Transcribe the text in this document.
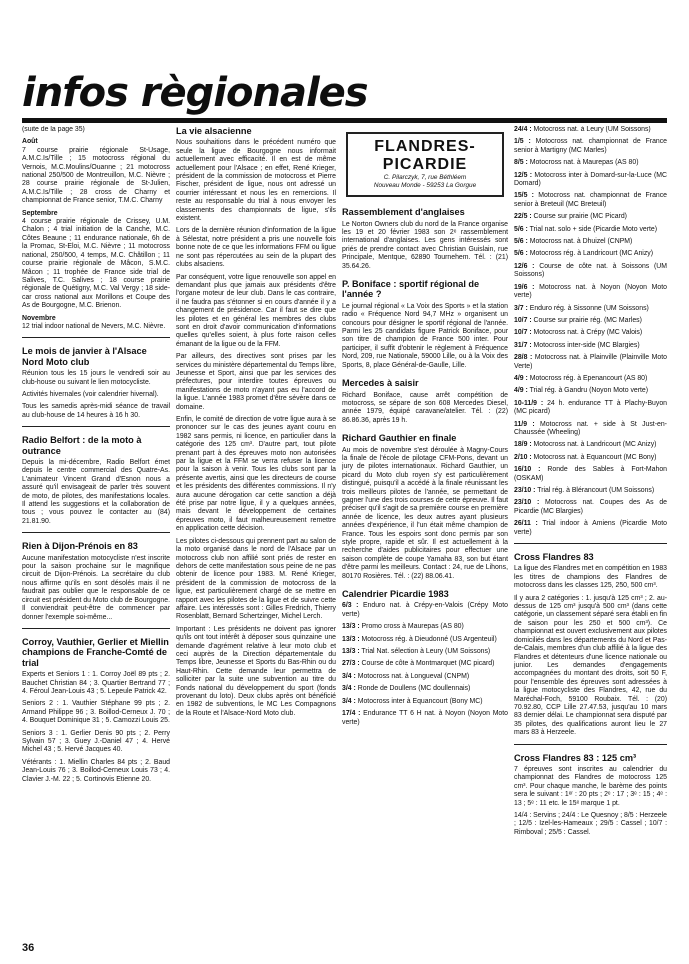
infos règionales

(suite de la page 35)

Août

7 course prairie régionale St-Usage, A.M.C.Is/Tille ; 15 motocross régional du Vernois, M.C.Moulins/Ouanne ; 21 motocross national 250/500 de Montreuillon, M.C. Nièvre ; 28 course prairie régionale de St-Julien, A.M.C.Is/Tille ; 28 cross de Charny et championnat de France senior, T.M.C. Charny

Septembre

4 course prairie régionale de Crissey, U.M. Chalon ; 4 trial initiation de la Canche, M.C. Côtes Beaune ; 11 endurance nationale, 6h de la Promac, St-Eloi, M.C. Nièvre ; 11 motocross national, 250/500, 4 temps, M.C. Châtillon ; 11 course prairie régionale de Mâcon, S.M.C. Mâcon ; 11 trophée de France side trial de Salives, T.C. Salives ; 18 course prairie régionale de Quétigny, M.C. Val Vergy ; 18 side-car cross national aux Morillons et Coupe des As de Bourgogne, M.C. Brienon.

Novembre

12 trial indoor national de Nevers, M.C. Nièvre.

Le mois de janvier à l'Alsace Nord Moto club

Réunion tous les 15 jours le vendredi soir au club-house ou suivant le lien motocycliste.

Activités hivernales (voir calendrier hivernal).

Tous les samedis après-midi séance de travail au club-house de 14 heures à 16 h 30.

Radio Belfort : de la moto à outrance

Depuis la mi-décembre, Radio Belfort émet depuis le centre commercial des Quatre-As. L'animateur Vincent Grand d'Esnon nous a assuré qu'il envisageait de parler très souvent de moto, de pilotes, des manifestations locales. Il attend les suggestions et la collaboration de tous ; vous pouvez le contacter au (84) 21.81.90.

Rien à Dijon-Prénois en 83

Aucune manifestation motocycliste n'est inscrite pour la saison prochaine sur le magnifique circuit de Dijon-Prénois. La secrétaire du club nous affirme qu'ils en sont désolés mais il ne faudrait pas oublier que le responsable de ce circuit est président du Moto club de Bourgogne. Il conviendrait peut-être de commencer par donner l'exemple soi-même...

Corroy, Vauthier, Gerlier et Miellin champions de Franche-Comté de trial

Experts et Seniors 1 : 1. Corroy Joël 89 pts ; 2. Bauchet Christian 84 ; 3. Quartier Bertrand 77 ; 4. Féroul Jean-Louis 43 ; 5. Lepeule Patrick 42.

Seniors 2 : 1. Vauthier Stéphane 99 pts ; 2. Armand Philippe 96 ; 3. Boillod-Cerneux J. 70 ; 4. Bouquet Dominique 31 ; 5. Camozzi Louis 25.

Seniors 3 : 1. Gerlier Denis 90 pts ; 2. Perry Sylvain 57 ; 3. Guey J.-Daniel 47 ; 4. Hervé Michel 43 ; 5. Hervé Jacques 40.

Vétérants : 1. Miellin Charles 84 pts ; 2. Baud Jean-Louis 76 ; 3. Boillod-Cerneux Louis 73 ; 4. Clavier J.-M. 22 ; 5. Cortinovis Etienne 20.

La vie alsacienne

Nous souhaitions dans le précédent numéro que seule la ligue de Bourgogne nous informait actuellement avec efficacité. Il en est de même actuellement pour l'Alsace ; en effet, René Krieger, président de la commission de motocross et Pierre Fischer, président de ligue, nous ont adressé un courrier intéressant et nous les en remercions. Il reste au responsable du trial à nous envoyer les classements des championnats de ligue, s'ils existent.

Lors de la dernière réunion d'information de la ligue à Sélestat, notre président a pris une nouvelle fois bonne note de ce que les informations FFM ou ligue ne sont pas répercutées au sein de la plupart des clubs alsaciens.

Par conséquent, votre ligue renouvelle son appel en demandant plus que jamais aux présidents d'être l'organe moteur de leur club. Dans le cas contraire, il ne faudra pas s'étonner si en cours d'année il y a changement de présidence. Car il faut se dire que les pilotes et en général les membres des clubs sont en droit d'avoir communication d'informations quelles qu'elles soient, à plus forte raison celles émanant de la ligue ou de la FFM.

Par ailleurs, des directives sont prises par les services du ministère départemental du Temps libre, Jeunesse et Sport, ainsi que par les services des préfectures, pour interdire toutes épreuves ou manifestations de moto n'ayant pas eu l'accord de la ligue. L'année 1983 promet d'être sévère dans ce domaine.

Enfin, le comité de direction de votre ligue aura à se prononcer sur le cas des jeunes ayant couru en 1982 sans permis, ni licence, en particulier dans la catégorie des 125 cm³. D'autre part, tout pilote prenant part à des épreuves moto non autorisées par la ligue et la FFM se verra refuser la licence pour la saison à venir. Tous les clubs sont par la présente avertis, ainsi que les directeurs de course et les présidents des différentes commissions. Il n'y aura aucune dérogation car cette sanction a déjà été prise par notre ligue, il y a quelques années, mais devant le développement de certaines épreuves moto, il faut malheureusement remettre en application cette décision.

Les pilotes ci-dessous qui prennent part au salon de la moto organisé dans le nord de l'Alsace par un motocross club non affilié sont priés de rester en dehors de cette manifestation sous peine de ne pas obtenir de licence pour 1983. M. René Krieger, président de la commission de motocross de la ligue, est particulièrement chargé de se mettre en rapport avec les pilotes de la ligue et de suivre cette affaire. Les intéressés sont : Gilles Fredrich, Thierry Rosenblatt, Bernard Schertzinger, Michel Lerch.

Important : Les présidents ne doivent pas ignorer qu'ils ont tout intérêt à déposer sous quinzaine une demande d'agrément relative à leur moto club et ceci auprès de la Direction départementale du Temps libre, Jeunesse et Sports du Bas-Rhin ou du Haut-Rhin. Cette demande leur permettra de solliciter par la suite une subvention au titre du Fonds national du développement du sport (fonds provenant du loto). Deux clubs après ont bénéficié en 1982 de subventions, le MC Les Compagnons de la Route et l'Alsace-Nord Moto club.

FLANDRES-
PICARDIE
C. Pilarczyk, 7, rue Béthléem
Nouveau Monde - 59253 La Gorgue

Rassemblement d'anglaises

Le Norton Owners club du nord de la France organise les 19 et 20 février 1983 son 2ᵉ rassemblement international d'anglaises. Les gens intéressés sont priés de prendre contact avec Christian Guislain, rue Principale, Mentque, 62890 Tournehem. Tél. : (21) 35.64.26.

P. Boniface : sportif régional de l'année ?

Le journal régional « La Voix des Sports » et la station radio « Fréquence Nord 94,7 MHz » organisent un concours pour désigner le sportif régional de l'année. Parmi les 25 candidats figure Patrick Boniface, pour son titre de champion de France 500 inter. Pour participer, il suffit d'obtenir le règlement à Fréquence Nord, 209, rue Nationale, 59000 Lille, ou à la Voix des Sports, 8, place Général-de-Gaulle, Lille.

Mercedes à saisir

Richard Boniface, cause arrêt compétition de motocross, se sépare de son 608 Mercedes Diesel, année 1979, équipé caravane/atelier. Tél. : (22) 86.86.36, après 19 h.

Richard Gauthier en finale

Au mois de novembre s'est déroulée à Magny-Cours la finale de l'école de pilotage CFM-Pons, devant un jury de pilotes internationaux. Richard Gauthier, un picard du Moto club royen s'y est particulièrement distingué, puisqu'il a accédé à la finale réunissant les trois meilleurs pilotes de l'année, se permettant de gagner l'une des trois courses de cette épreuve. Il faut préciser qu'il s'agit de sa première course en première année de licence, les deux autres ayant plusieurs années d'expérience, il l'un était même champion de France. Tous les espoirs sont donc permis par son style propre, rapide et sûr. Il est actuellement à la recherche d'aides publicitaires pour effectuer une saison complète de coupe Yamaha 83, son but étant d'être parmi les meilleurs. Contact : 24, rue de Lihons, 80170 Rosières. Tél. : (22) 88.06.41.

Calendrier Picardie 1983

6/3 : Enduro nat. à Crépy-en-Valois (Crépy Moto verte)

13/3 : Promo cross à Maurepas (AS 80)

13/3 : Motocross rég. à Dieudonné (US Argenteuil)

13/3 : Trial Nat. sélection à Leury (UM Soissons)

27/3 : Course de côte à Montmarquet (MC picard)

3/4 : Motocross nat. à Longueval (CNPM)

3/4 : Ronde de Doullens (MC doullennais)

3/4 : Motocross inter à Equancourt (Bony MC)

17/4 : Endurance TT 6 H nat. à Noyon (Noyon Moto verte)

24/4 : Motocross nat. à Leury (UM Soissons)

1/5 : Motocross nat. championnat de France senior à Martigny (MC Marles)

8/5 : Motocross nat. à Maurepas (AS 80)

12/5 : Motocross inter à Domard-sur-la-Luce (MC Domard)

15/5 : Motocross nat. championnat de France senior à Breteuil (MC Breteuil)

22/5 : Course sur prairie (MC Picard)

5/6 : Trial nat. solo + side (Picardie Moto verte)

5/6 : Motocross nat. à Dhuizel (CNPM)

5/6 : Motocross rég. à Landricourt (MC Anizy)

12/6 : Course de côte nat. à Soissons (UM Soissons)

19/6 : Motocross nat. à Noyon (Noyon Moto verte)

3/7 : Enduro rég. à Sissonne (UM Soissons)

10/7 : Course sur prairie rég. (MC Marles)

10/7 : Motocross nat. à Crépy (MC Valois)

31/7 : Motocross inter-side (MC Blargies)

28/8 : Motocross nat. à Plainville (Plainville Moto Verte)

4/9 : Motocross rég. à Epenancourt (AS 80)

4/9 : Trial rég. à Gandru (Noyon Moto verte)

10-11/9 : 24 h. endurance TT à Plachy-Buyon (MC picard)

11/9 : Motocross nat. + side à St Just-en-Chaussée (Wheeling)

18/9 : Motocross nat. à Landricourt (MC Anizy)

2/10 : Motocross nat. à Equancourt (MC Bony)

16/10 : Ronde des Sables à Fort-Mahon (OSKAM)

23/10 : Trial rég. à Blérancourt (UM Soissons)

23/10 : Motocross nat. Coupes des As de Picardie (MC Blargies)

26/11 : Trial indoor à Amiens (Picardie Moto verte)

Cross Flandres 83

La ligue des Flandres met en compétition en 1983 les titres de champions des Flandres de motocross dans les classes 125, 250, 500 cm³.

Il y aura 2 catégories : 1. jusqu'à 125 cm³ ; 2. au-dessus de 125 cm³ jusqu'à 500 cm³ (dans cette catégorie, un classement séparé sera établi en fin de saison pour les 250 et 500 cm³). Ce championnat est ouvert exclusivement aux pilotes domiciliés dans les départements du Nord et Pas-de-Calais, membres d'un club affilié à la ligue des Flandres et détenteurs d'une licence nationale ou junior. Les demandes d'engagements accompagnées du montant des droits, soit 50 F, pour l'ensemble des épreuves sont adressées à la ligue motocycliste des Flandres, 42, rue du Maréchal-Foch, 59100 Roubaix. Tél. : (20) 70.92.80, CCP Lille 27.47.53, jusqu'au 10 mars 83 dernier délai. Le championnat sera disputé par 35 pilotes, des qualifications auront lieu le 27 mars 83 à Herzeele.

Cross Flandres 83 : 125 cm³

7 épreuves sont inscrites au calendrier du championnat des Flandres de motocross 125 cm³. Pour chaque manche, le barème des points sera le suivant : 1ᵉʳ : 20 pts ; 2ᵉ : 17 ; 3ᵉ : 15 ; 4ᵉ : 13 ; 5ᵉ : 11 etc. le 15ᵉ marque 1 pt.

14/4 : Servins ; 24/4 : Le Quesnoy ; 8/5 : Herzeele ; 12/5 : Izel-les-Hameaux ; 29/5 : Cassel ; 10/7 : Rimboval ; 25/5 : Cassel.

36
